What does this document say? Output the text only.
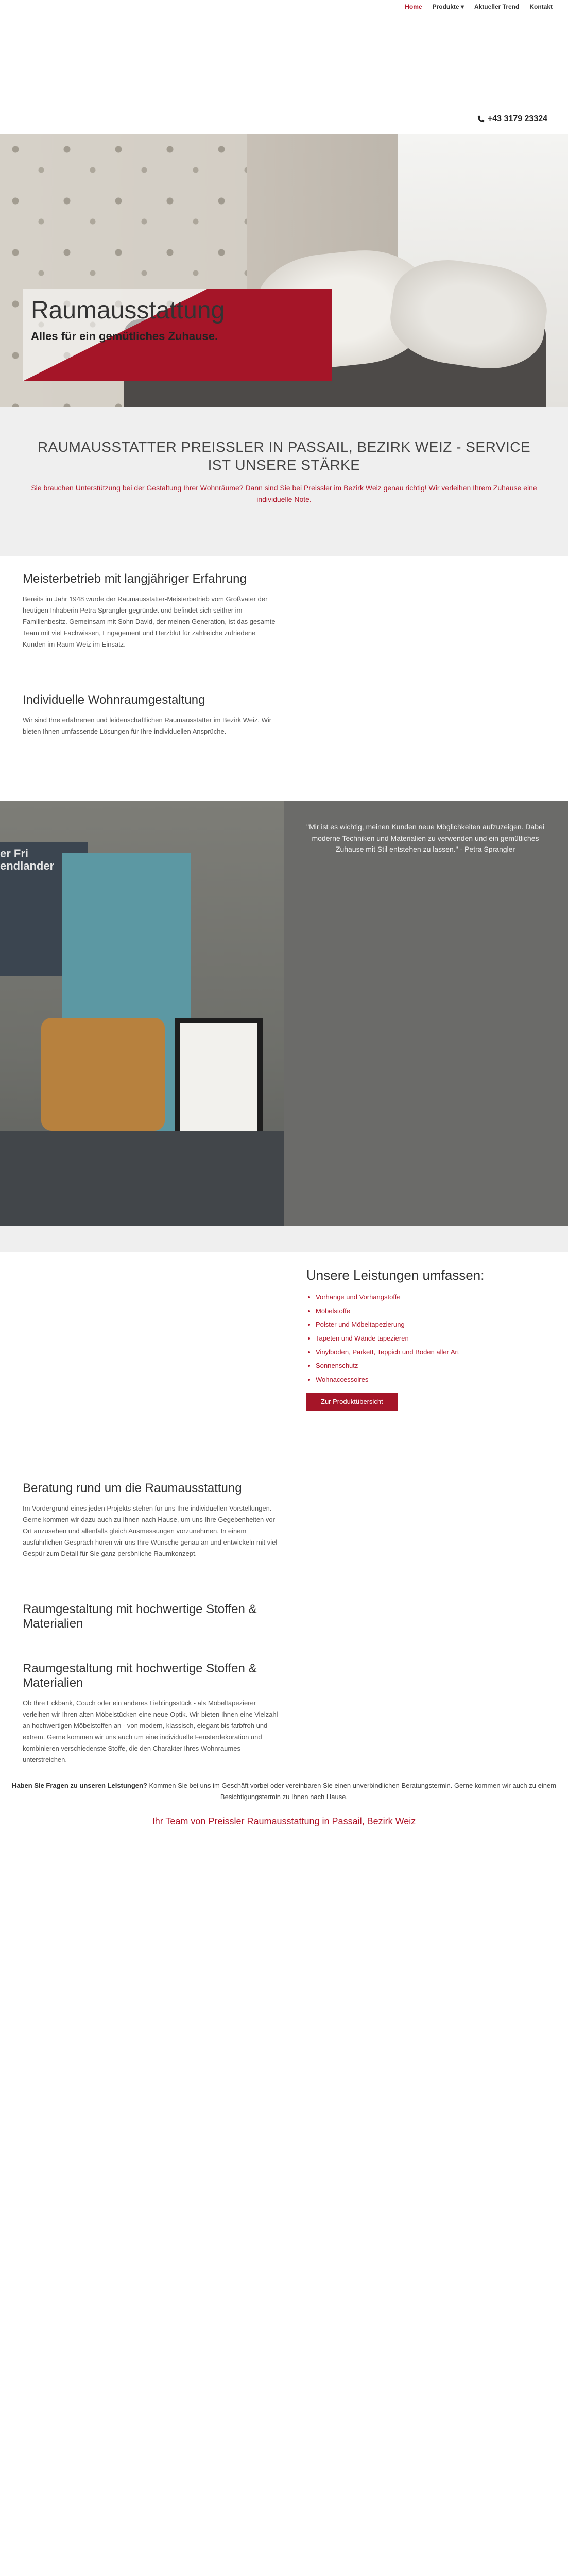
Home Produkte ▾ Aktueller Trend Kontakt
+43 3179 23324
Raumausstattung
Alles für ein gemütliches Zuhause.
RAUMAUSSTATTER PREISSLER IN PASSAIL, BEZIRK WEIZ - SERVICE IST UNSERE STÄRKE

Sie brauchen Unterstützung bei der Gestaltung Ihrer Wohnräume? Dann sind Sie bei Preissler im Bezirk Weiz genau richtig! Wir verleihen Ihrem Zuhause eine individuelle Note.

Meisterbetrieb mit langjähriger Erfahrung

Bereits im Jahr 1948 wurde der Raumausstatter-Meisterbetrieb vom Großvater der heutigen Inhaberin Petra Sprangler gegründet und befindet sich seither im Familienbesitz. Gemeinsam mit Sohn David, der meinen Generation, ist das gesamte Team mit viel Fachwissen, Engagement und Herzblut für zahlreiche zufriedene Kunden im Raum Weiz im Einsatz.

Individuelle Wohnraumgestaltung

Wir sind Ihre erfahrenen und leidenschaftlichen Raumausstatter im Bezirk Weiz. Wir bieten Ihnen umfassende Lösungen für Ihre individuellen Ansprüche.

er Fri endlander

"Mir ist es wichtig, meinen Kunden neue Möglichkeiten aufzuzeigen. Dabei moderne Techniken und Materialien zu verwenden und ein gemütliches Zuhause mit Stil entstehen zu lassen." - Petra Sprangler

Unsere Leistungen umfassen:
• Vorhänge und Vorhangstoffe
• Möbelstoffe
• Polster und Möbeltapezierung
• Tapeten und Wände tapezieren
• Vinylböden, Parkett, Teppich und Böden aller Art
• Sonnenschutz
• Wohnaccessoires
Zur Produktübersicht
Beratung rund um die Raumausstattung

Im Vordergrund eines jeden Projekts stehen für uns Ihre individuellen Vorstellungen. Gerne kommen wir dazu auch zu Ihnen nach Hause, um uns Ihre Gegebenheiten vor Ort anzusehen und allenfalls gleich Ausmessungen vorzunehmen. In einem ausführlichen Gespräch hören wir uns Ihre Wünsche genau an und entwickeln mit viel Gespür zum Detail für Sie ganz persönliche Raumkonzept.

Raumgestaltung mit hochwertige Stoffen & Materialien
Raumgestaltung mit hochwertige Stoffen & Materialien

Ob Ihre Eckbank, Couch oder ein anderes Lieblingsstück - als Möbeltapezierer verleihen wir Ihren alten Möbelstücken eine neue Optik. Wir bieten Ihnen eine Vielzahl an hochwertigen Möbelstoffen an - von modern, klassisch, elegant bis farbfroh und extrem. Gerne kommen wir uns auch um eine individuelle Fensterdekoration und kombinieren verschiedenste Stoffe, die den Charakter Ihres Wohnraumes unterstreichen.

Haben Sie Fragen zu unseren Leistungen? Kommen Sie bei uns im Geschäft vorbei oder vereinbaren Sie einen unverbindlichen Beratungstermin. Gerne kommen wir auch zu einem Besichtigungstermin zu Ihnen nach Hause.
Ihr Team von Preissler Raumausstattung in Passail, Bezirk Weiz
